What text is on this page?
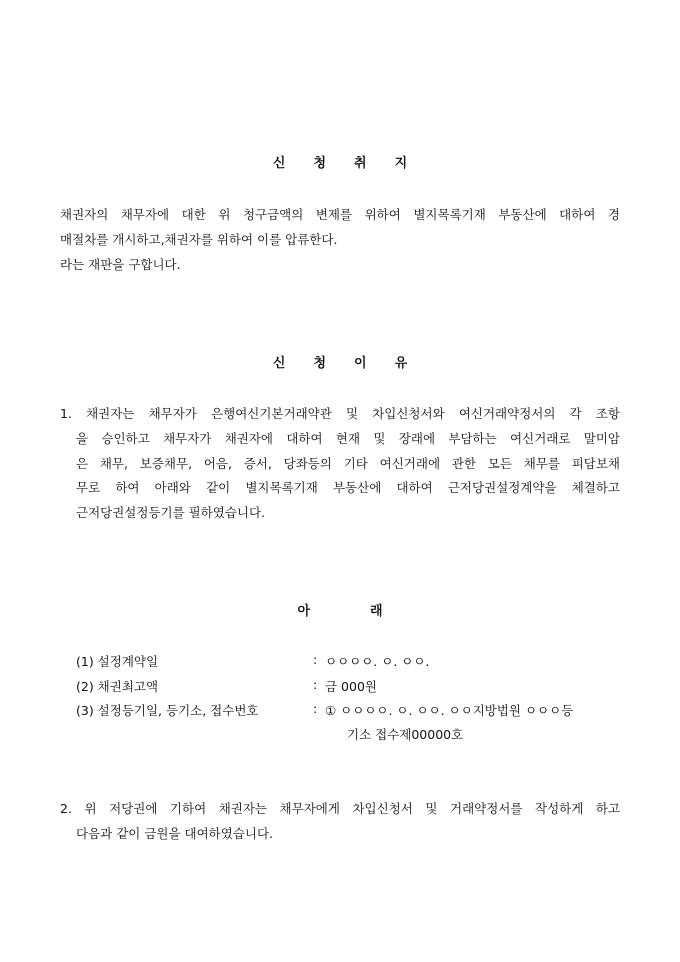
신 청 취 지
채권자의 채무자에 대한 위 청구금액의 변제를 위하여 별지목록기재 부동산에 대하여 경
매절차를 개시하고,채권자를 위하여 이를 압류한다.
라는 재판을 구합니다.
신 청 이 유
1. 채권자는 채무자가 은행여신기본거래약관 및 차입신청서와 여신거래약정서의 각 조항
을 승인하고 채무자가 채권자에 대하여 현재 및 장래에 부담하는 여신거래로 말미암
은 채무, 보증채무, 어음, 증서, 당좌등의 기타 여신거래에 관한 모든 채무를 피담보채
무로 하여 아래와 같이 별지목록기재 부동산에 대하여 근저당권설정계약을 체결하고
근저당권설정등기를 필하였습니다.
아	래
(1) 설정계약일	: ㅇㅇㅇㅇ. ㅇ. ㅇㅇ.
(2) 채권최고액	: 금 000원
(3) 설정등기일, 등기소, 접수번호	: ① ㅇㅇㅇㅇ. ㅇ. ㅇㅇ. ㅇㅇ지방법원 ㅇㅇㅇ등
기소 접수제00000호
2. 위 저당권에 기하여 채권자는 채무자에게 차입신청서 및 거래약정서를 작성하게 하고
다음과 같이 금원을 대여하였습니다.
